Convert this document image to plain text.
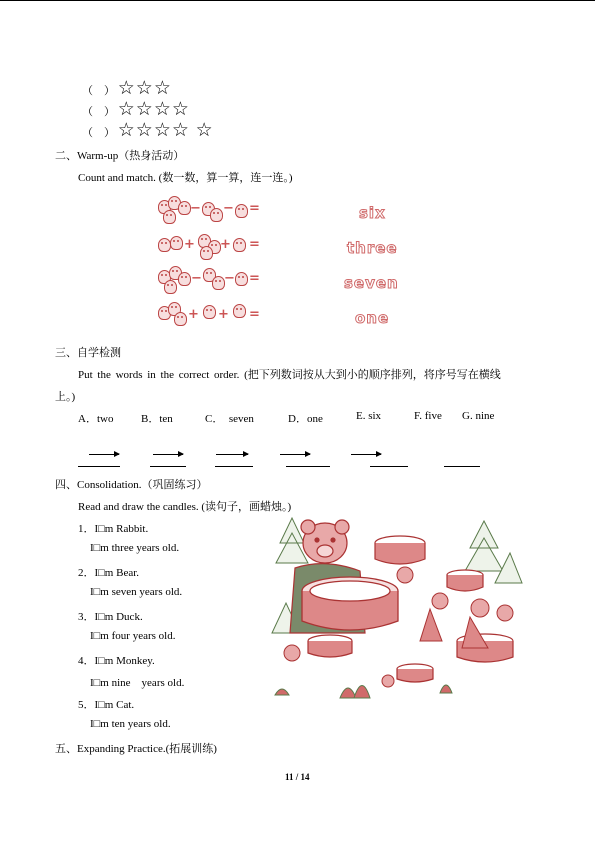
（　） ☆☆☆
（　） ☆☆☆☆
（　） ☆☆☆☆ ☆
二、Warm-up（热身活动）
Count and match. (数一数，算一算，连一连。)
− − =
+ + =
− − =
+ + =
six
three
seven
one
三、自学检测
Put the words in the correct order. (把下列数词按从大到小的顺序排列，将序号写在横线
上。)
A．two	B．ten	C．　seven	D．one	E. six	F. five G. nine
四、Consolidation.（巩固练习）
Read and draw the candles. (读句子，画蜡烛。)
1．I□m Rabbit.
I□m three years old.
2．I□m Bear.
I□m seven years old.
3．I□m Duck.
I□m four years old.
4．I□m Monkey.
I□m nine　years old.
5．I□m Cat.
I□m ten years old.
五、Expanding Practice.(拓展训练)
11 / 14
